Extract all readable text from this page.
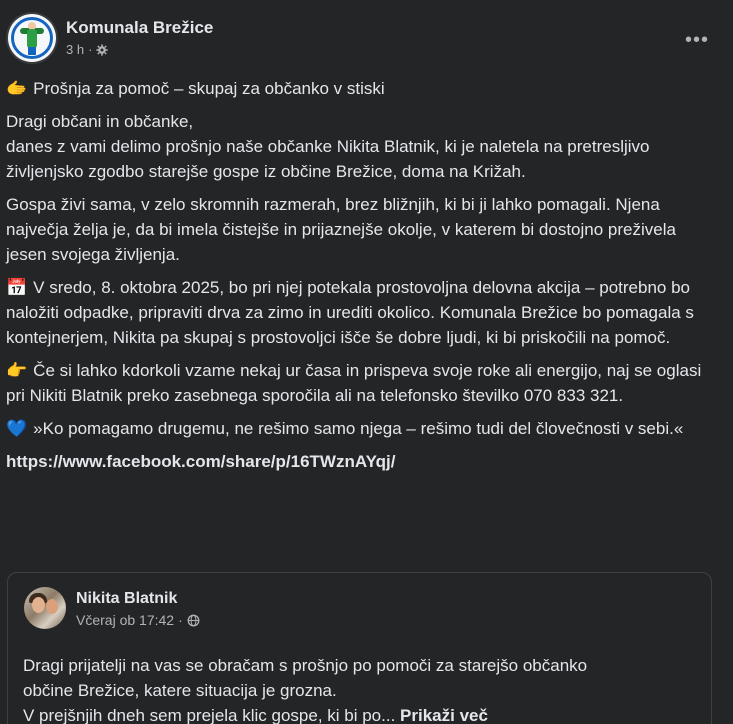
Komunala Brežice
3 h ·	•••

🫱 Prošnja za pomoč – skupaj za občanko v stiski

Dragi občani in občanke,
danes z vami delimo prošnjo naše občanke Nikita Blatnik, ki je naletela na pretresljivo življenjsko zgodbo starejše gospe iz občine Brežice, doma na Križah.

Gospa živi sama, v zelo skromnih razmerah, brez bližnjih, ki bi ji lahko pomagali. Njena največja želja je, da bi imela čistejše in prijaznejše okolje, v katerem bi dostojno preživela jesen svojega življenja.

📅 V sredo, 8. oktobra 2025, bo pri njej potekala prostovoljna delovna akcija – potrebno bo naložiti odpadke, pripraviti drva za zimo in urediti okolico. Komunala Brežice bo pomagala s kontejnerjem, Nikita pa skupaj s prostovoljci išče še dobre ljudi, ki bi priskočili na pomoč.

👉 Če si lahko kdorkoli vzame nekaj ur časa in prispeva svoje roke ali energijo, naj se oglasi pri Nikiti Blatnik preko zasebnega sporočila ali na telefonsko številko 070 833 321.

💙 »Ko pomagamo drugemu, ne rešimo samo njega – rešimo tudi del človečnosti v sebi.«

https://www.facebook.com/share/p/16TWznAYqj/

Nikita Blatnik
Včeraj ob 17:42 ·
Dragi prijatelji na vas se obračam s prošnjo po pomoči za starejšo občanko
občine Brežice, katere situacija je grozna.
V prejšnjih dneh sem prejela klic gospe, ki bi po... Prikaži več
